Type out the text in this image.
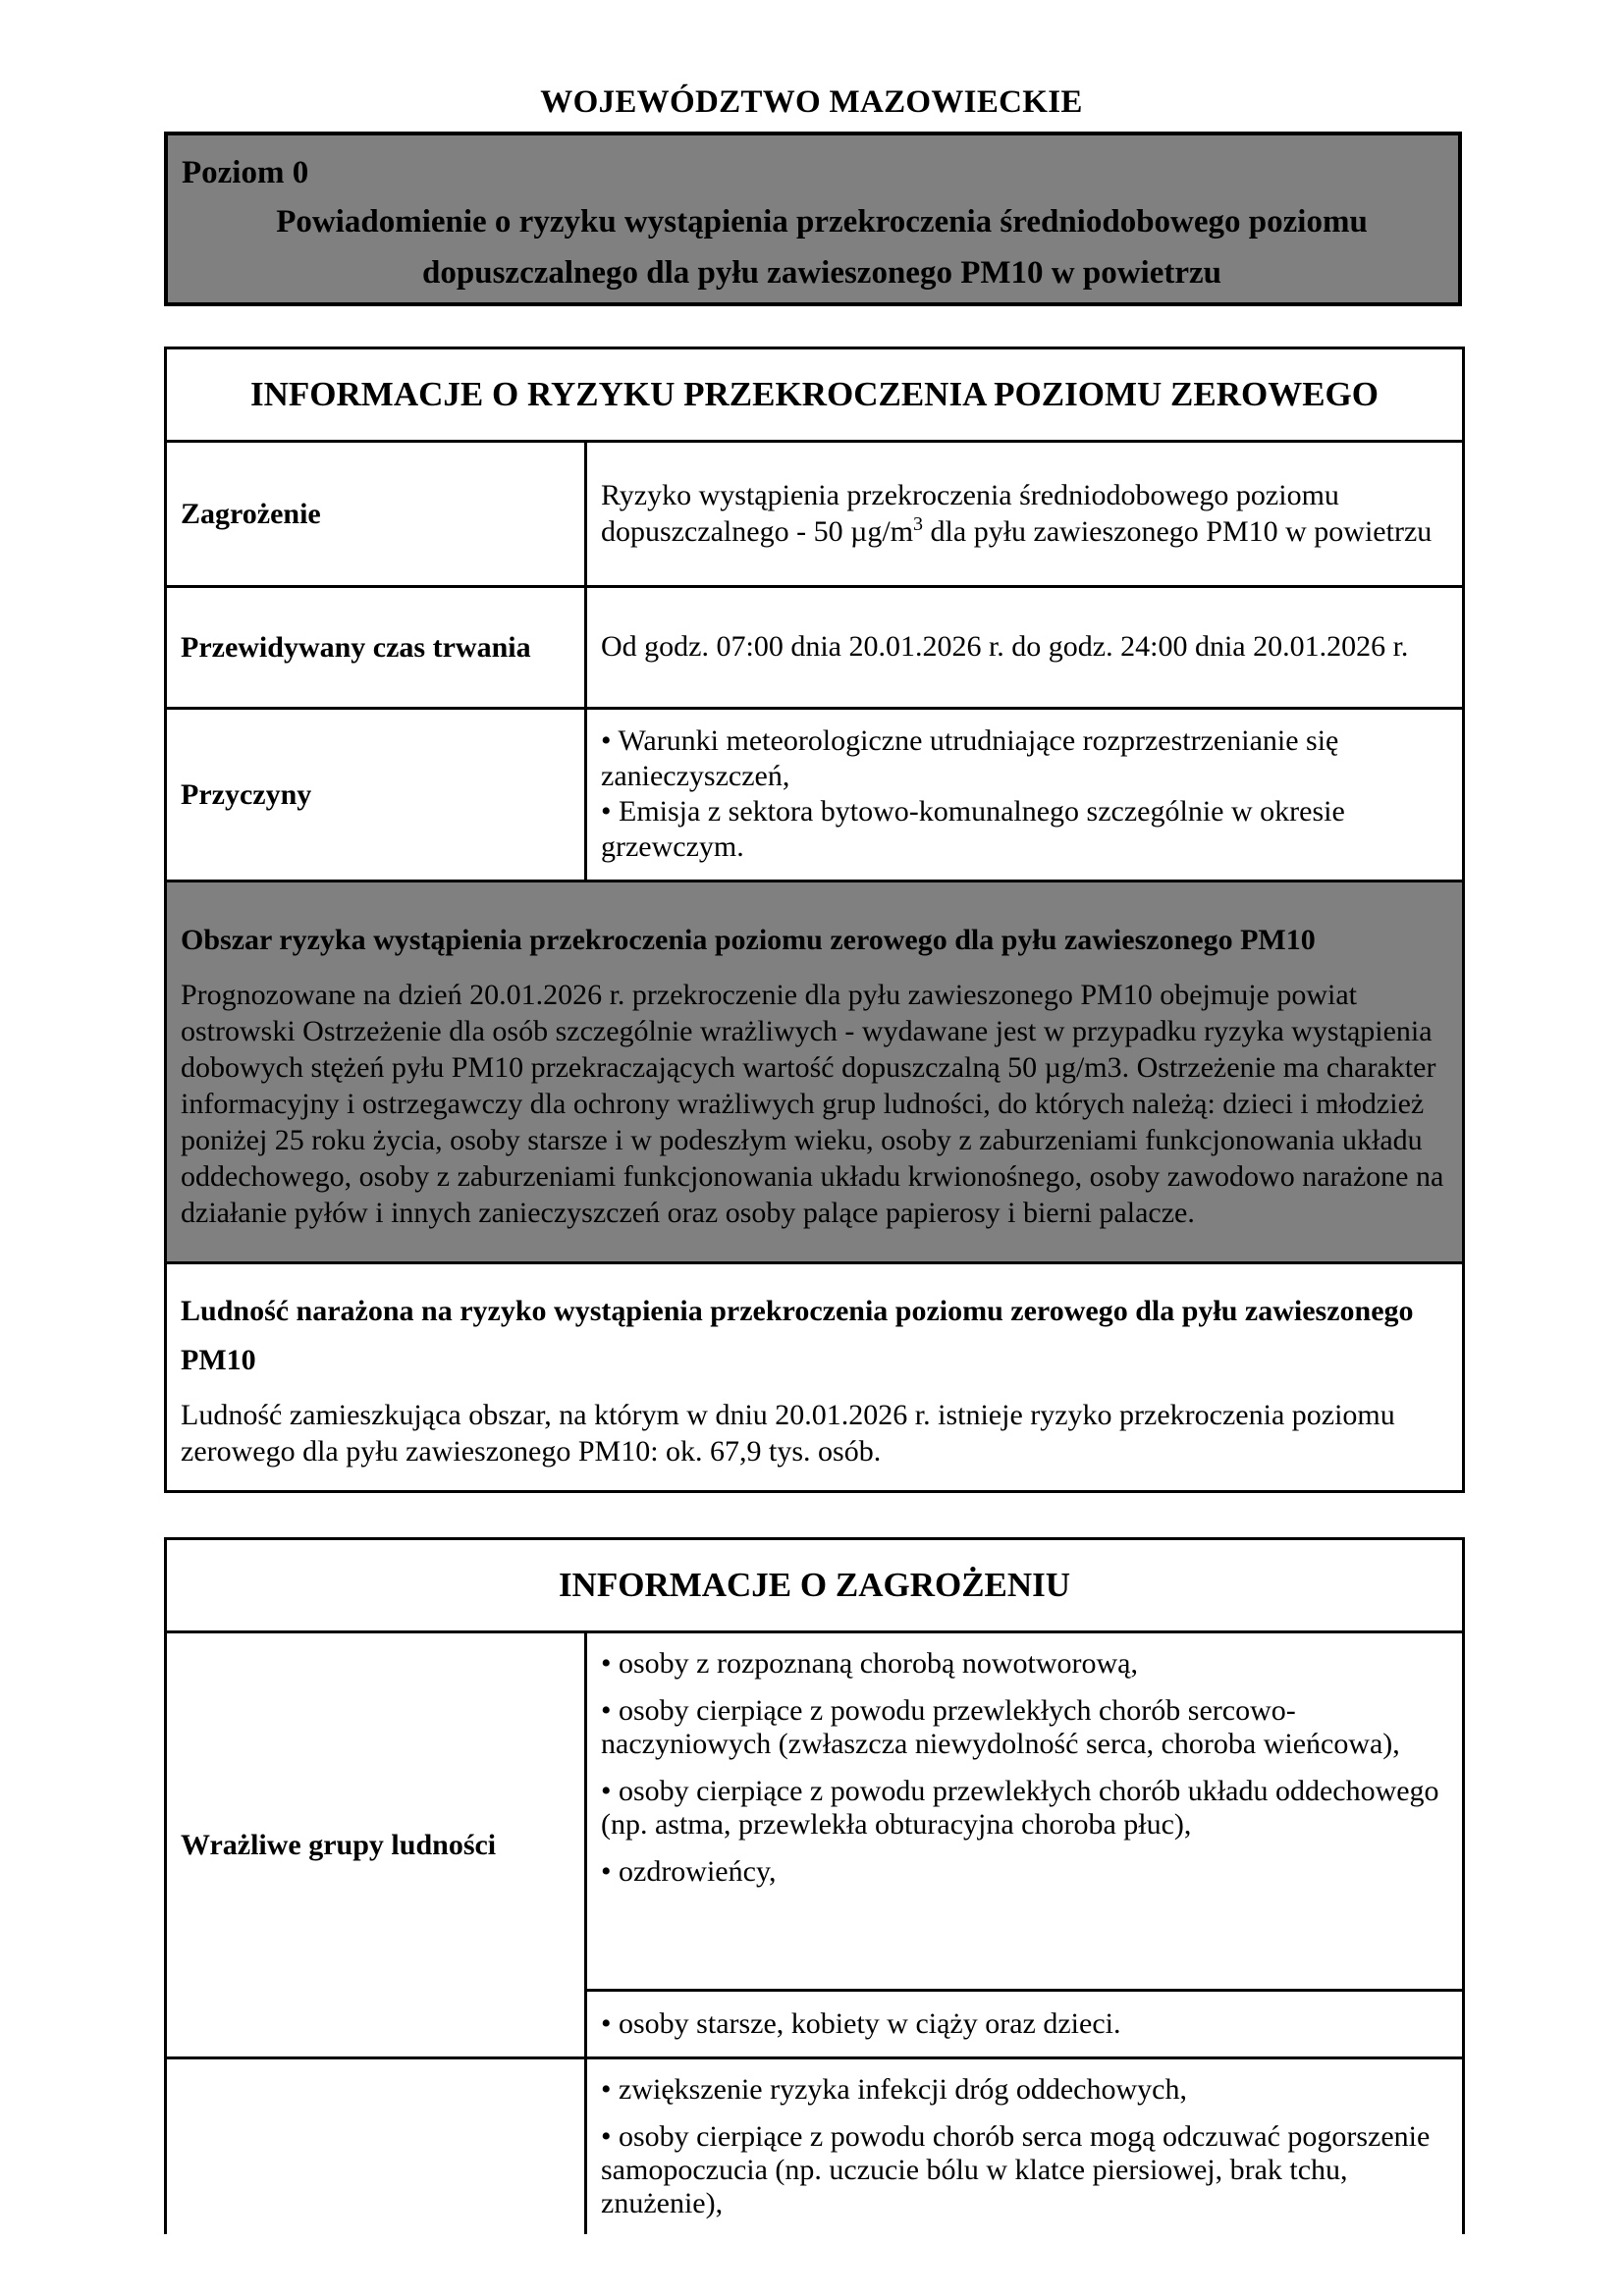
WOJEWÓDZTWO MAZOWIECKIE
Poziom 0
Powiadomienie o ryzyku wystąpienia przekroczenia średniodobowego poziomu
dopuszczalnego dla pyłu zawieszonego PM10 w powietrzu
INFORMACJE O RYZYKU PRZEKROCZENIA POZIOMU ZEROWEGO	
Zagrożenie	Ryzyko wystąpienia przekroczenia średniodobowego poziomu dopuszczalnego - 50 $\mu g/m^3$ dla pyłu zawieszonego PM10 w powietrzu
Przewidywany czas trwania	Od godz. 07:00 dnia 20.01.2026 r. do godz. 24:00 dnia 20.01.2026 r.
Przyczyny	• Warunki meteorologiczne utrudniające rozprzestrzenianie się zanieczyszczeń,
• Emisja z sektora bytowo-komunalnego szczególnie w okresie grzewczym.

Obszar ryzyka wystąpienia przekroczenia poziomu zerowego dla pyłu zawieszonego PM10
Prognozowane na dzień 20.01.2026 r. przekroczenie dla pyłu zawieszonego PM10 obejmuje powiat ostrowski Ostrzeżenie dla osób szczególnie wrażliwych - wydawane jest w przypadku ryzyka wystąpienia dobowych stężeń pyłu PM10 przekraczających wartość dopuszczalną 50 µg/m3. Ostrzeżenie ma charakter informacyjny i ostrzegawczy dla ochrony wrażliwych grup ludności, do których należą: dzieci i młodzież poniżej 25 roku życia, osoby starsze i w podeszłym wieku, osoby z zaburzeniami funkcjonowania układu oddechowego, osoby z zaburzeniami funkcjonowania układu krwionośnego, osoby zawodowo narażone na działanie pyłów i innych zanieczyszczeń oraz osoby palące papierosy i bierni palacze.	

Ludność narażona na ryzyko wystąpienia przekroczenia poziomu zerowego dla pyłu zawieszonego PM10
Ludność zamieszkująca obszar, na którym w dniu 20.01.2026 r. istnieje ryzyko przekroczenia poziomu zerowego dla pyłu zawieszonego PM10: ok. 67,9 tys. osób.	
INFORMACJE O ZAGROŻENIU	
Wrażliwe grupy ludności	• osoby z rozpoznaną chorobą nowotworową,
• osoby cierpiące z powodu przewlekłych chorób sercowo-naczyniowych (zwłaszcza niewydolność serca, choroba wieńcowa),
• osoby cierpiące z powodu przewlekłych chorób układu oddechowego (np. astma, przewlekła obturacyjna choroba płuc),
• ozdrowieńcy,

	• osoby starsze, kobiety w ciąży oraz dzieci.

	• zwiększenie ryzyka infekcji dróg oddechowych,
• osoby cierpiące z powodu chorób serca mogą odczuwać pogorszenie samopoczucia (np. uczucie bólu w klatce piersiowej, brak tchu, znużenie),
